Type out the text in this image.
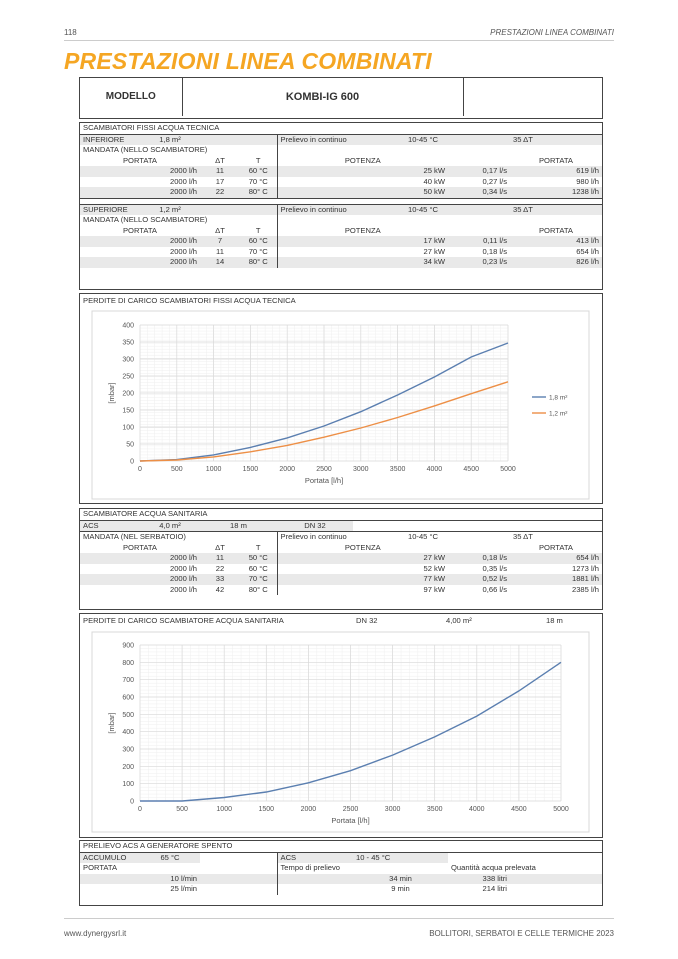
118	PRESTAZIONI LINEA COMBINATI
PRESTAZIONI LINEA COMBINATI
MODELLO	KOMBI-IG 600	
SCAMBIATORI FISSI ACQUA TECNICA									
INFERIORE	1,8 m²			Prelievo in continuo		10-45 °C		35 ΔT	
MANDATA (NELLO SCAMBIATORE)									
PORTATA		ΔT	T	POTENZA				PORTATA	
2000 l/h		11	60 °C		25 kW		0,17 l/s		619 l/h
2000 l/h		17	70 °C		40 kW		0,27 l/s		980 l/h
2000 l/h		22	80° C		50 kW		0,34 l/s		1238 l/h

SUPERIORE	1,2 m²			Prelievo in continuo		10-45 °C		35 ΔT	
MANDATA (NELLO SCAMBIATORE)									
PORTATA		ΔT	T	POTENZA				PORTATA	
2000 l/h		7	60 °C		17 kW		0,11 l/s		413 l/h
2000 l/h		11	70 °C		27 kW		0,18 l/s		654 l/h
2000 l/h		14	80° C		34 kW		0,23 l/s		826 l/h
PERDITE DI CARICO SCAMBIATORI FISSI ACQUA TECNICA
0	500	1000	1500	2000	2500	3000	3500	4000	4500	5000
0
50
100
150
200
250
300
350
400
Portata [l/h]
[mbar]	1,8 m²
1,2 m²
SCAMBIATORE ACQUA SANITARIA									
ACS	4,0 m²	18 m		DN 32					
MANDATA (NEL SERBATOIO)				Prelievo in continuo		10-45 °C		35 ΔT	
PORTATA		ΔT	T	POTENZA				PORTATA	
2000 l/h		11	50 °C		27 kW		0,18 l/s		654 l/h
2000 l/h		22	60 °C		52 kW		0,35 l/s		1273 l/h
2000 l/h		33	70 °C		77 kW		0,52 l/s		1881 l/h
2000 l/h		42	80° C		97 kW		0,66 l/s		2385 l/h
PERDITE DI CARICO SCAMBIATORE ACQUA SANITARIA	DN 32	4,00 m²	18 m
0	500	1000	1500	2000	2500	3000	3500	4000	4500	5000
0
100
200
300
400
500
600
700
800
900
Portata [l/h]
[mbar]
PRELIEVO ACS A GENERATORE SPENTO						
ACCUMULO	65 °C		ACS	10 - 45 °C		
PORTATA			Tempo di prelievo		Quantità acqua prelevata	
10 l/min				34 min	338 litri	
25 l/min				9 min	214 litri	
www.dynergysrl.it	BOLLITORI, SERBATOI E CELLE TERMICHE 2023
